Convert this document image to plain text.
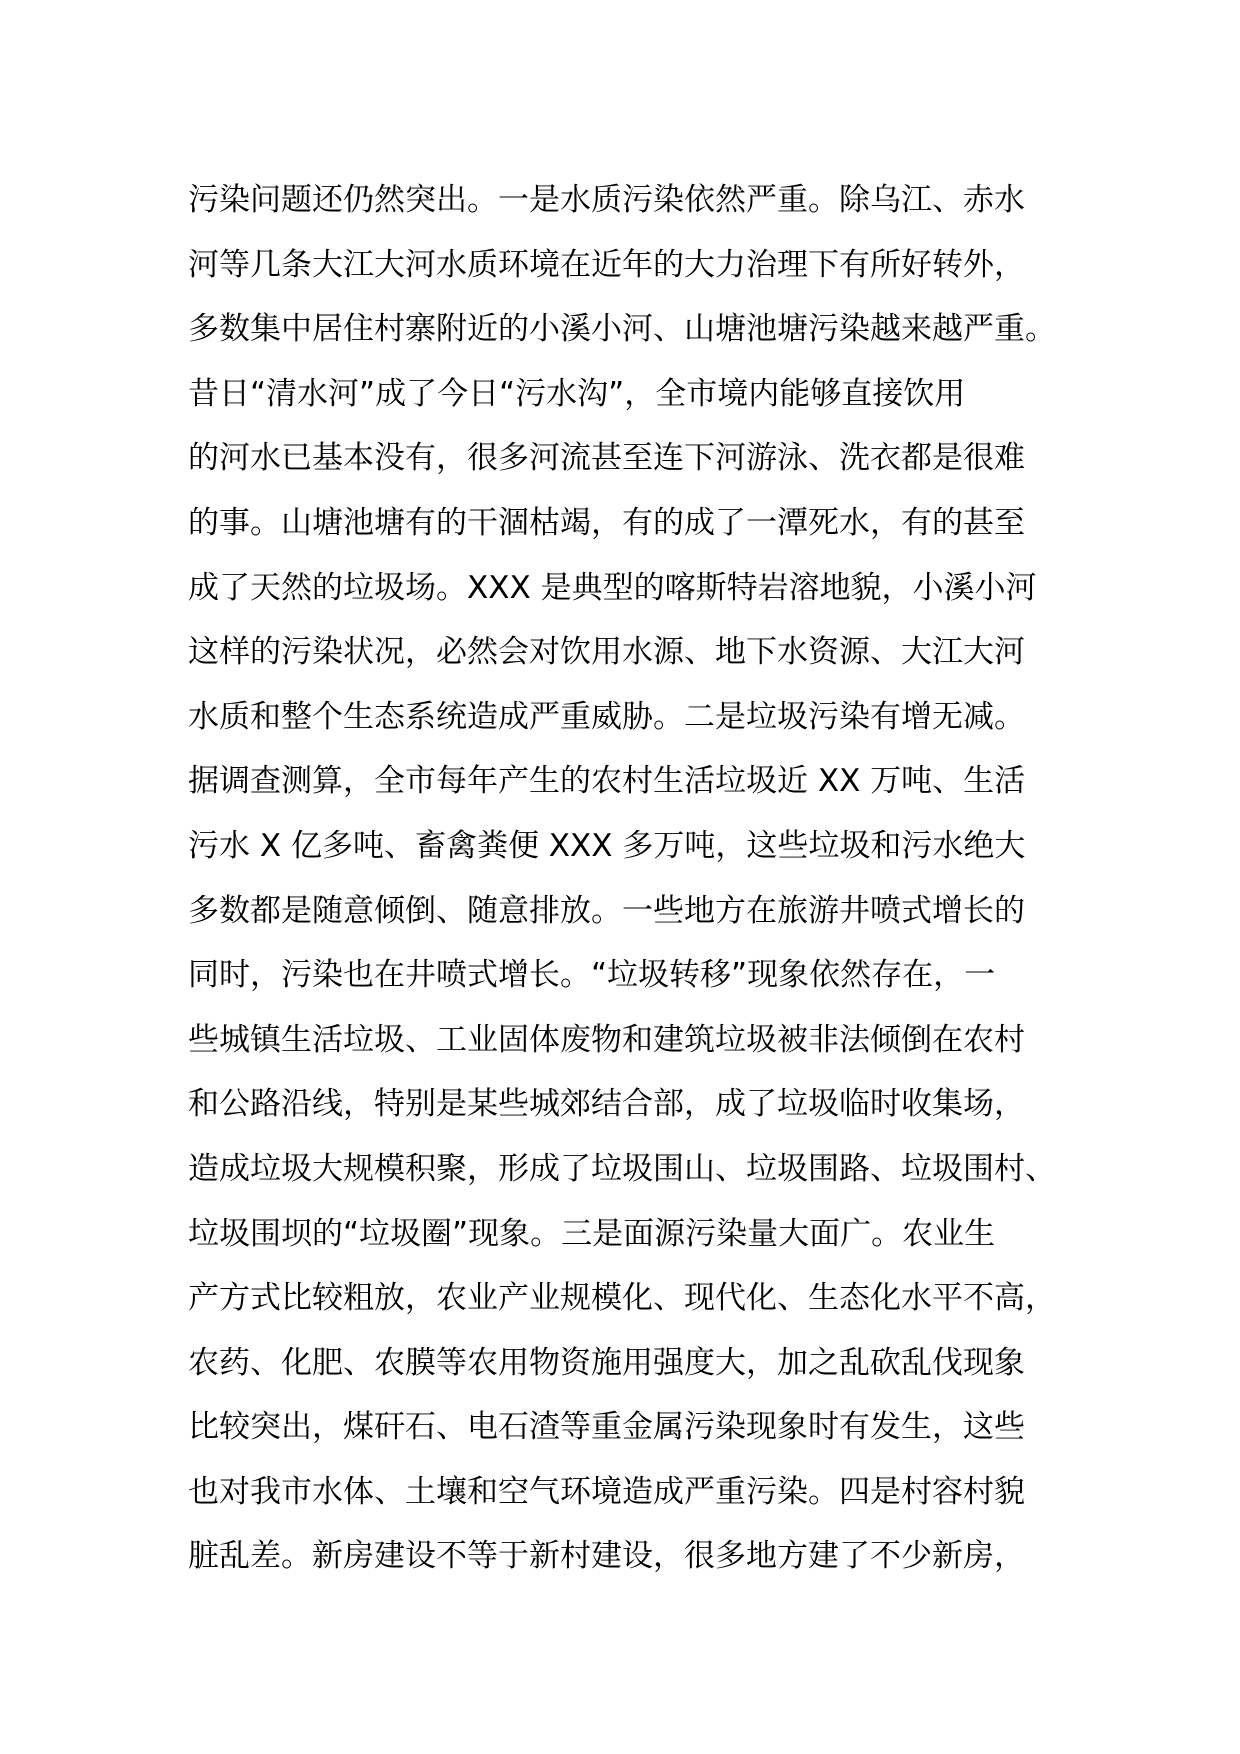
污染问题还仍然突出。一是水质污染依然严重。除乌江、赤水
河等几条大江大河水质环境在近年的大力治理下有所好转外，
多数集中居住村寨附近的小溪小河、山塘池塘污染越来越严重。
昔日“清水河”成了今日“污水沟”，全市境内能够直接饮用
的河水已基本没有，很多河流甚至连下河游泳、洗衣都是很难
的事。山塘池塘有的干涸枯竭，有的成了一潭死水，有的甚至
成了天然的垃圾场。XXX 是典型的喀斯特岩溶地貌，小溪小河
这样的污染状况，必然会对饮用水源、地下水资源、大江大河
水质和整个生态系统造成严重威胁。二是垃圾污染有增无减。
据调查测算，全市每年产生的农村生活垃圾近 XX 万吨、生活
污水 X 亿多吨、畜禽粪便 XXX 多万吨，这些垃圾和污水绝大
多数都是随意倾倒、随意排放。一些地方在旅游井喷式增长的
同时，污染也在井喷式增长。“垃圾转移”现象依然存在，一
些城镇生活垃圾、工业固体废物和建筑垃圾被非法倾倒在农村
和公路沿线，特别是某些城郊结合部，成了垃圾临时收集场，
造成垃圾大规模积聚，形成了垃圾围山、垃圾围路、垃圾围村、
垃圾围坝的“垃圾圈”现象。三是面源污染量大面广。农业生
产方式比较粗放，农业产业规模化、现代化、生态化水平不高，
农药、化肥、农膜等农用物资施用强度大，加之乱砍乱伐现象
比较突出，煤矸石、电石渣等重金属污染现象时有发生，这些
也对我市水体、土壤和空气环境造成严重污染。四是村容村貌
脏乱差。新房建设不等于新村建设，很多地方建了不少新房，
